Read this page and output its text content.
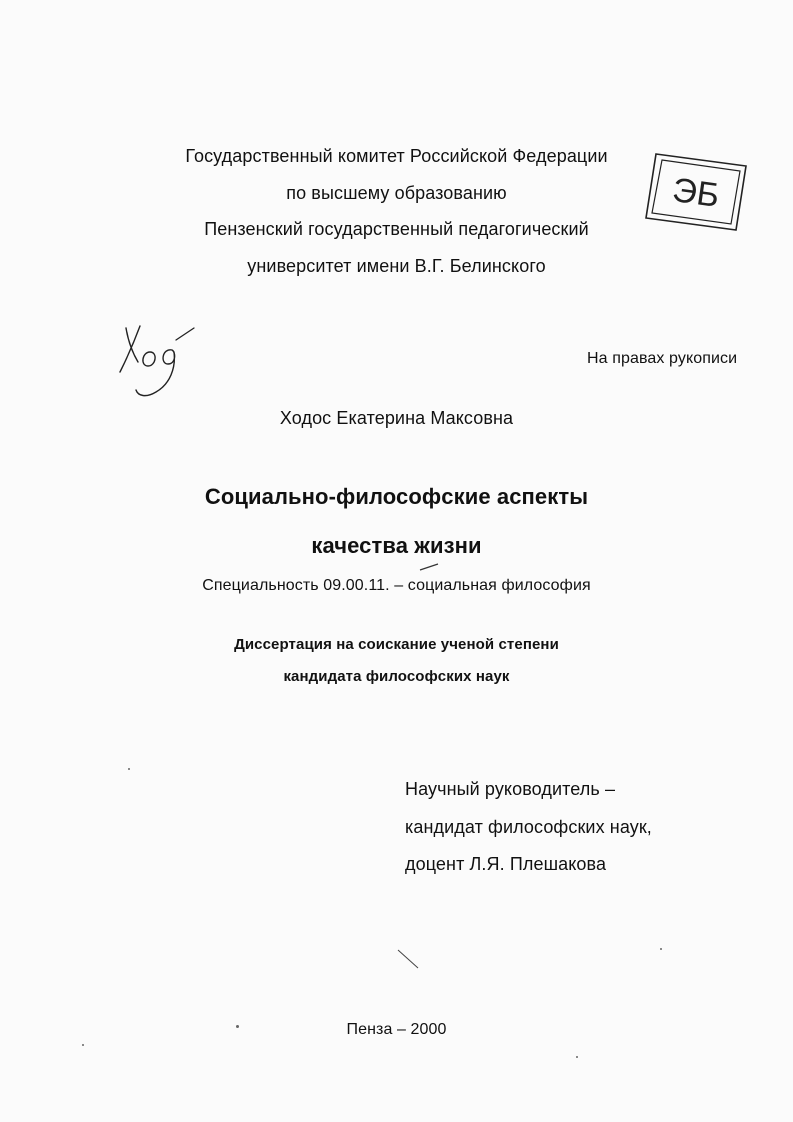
Государственный комитет Российской Федерации
по высшему образованию
Пензенский государственный педагогический
университет имени В.Г. Белинского
ЭБ
На правах рукописи
Ходос Екатерина Максовна
Социально-философские аспекты
качества жизни
Специальность 09.00.11. – социальная философия
Диссертация на соискание ученой степени
кандидата философских наук
Научный руководитель –
кандидат философских наук,
доцент Л.Я. Плешакова
Пенза – 2000
